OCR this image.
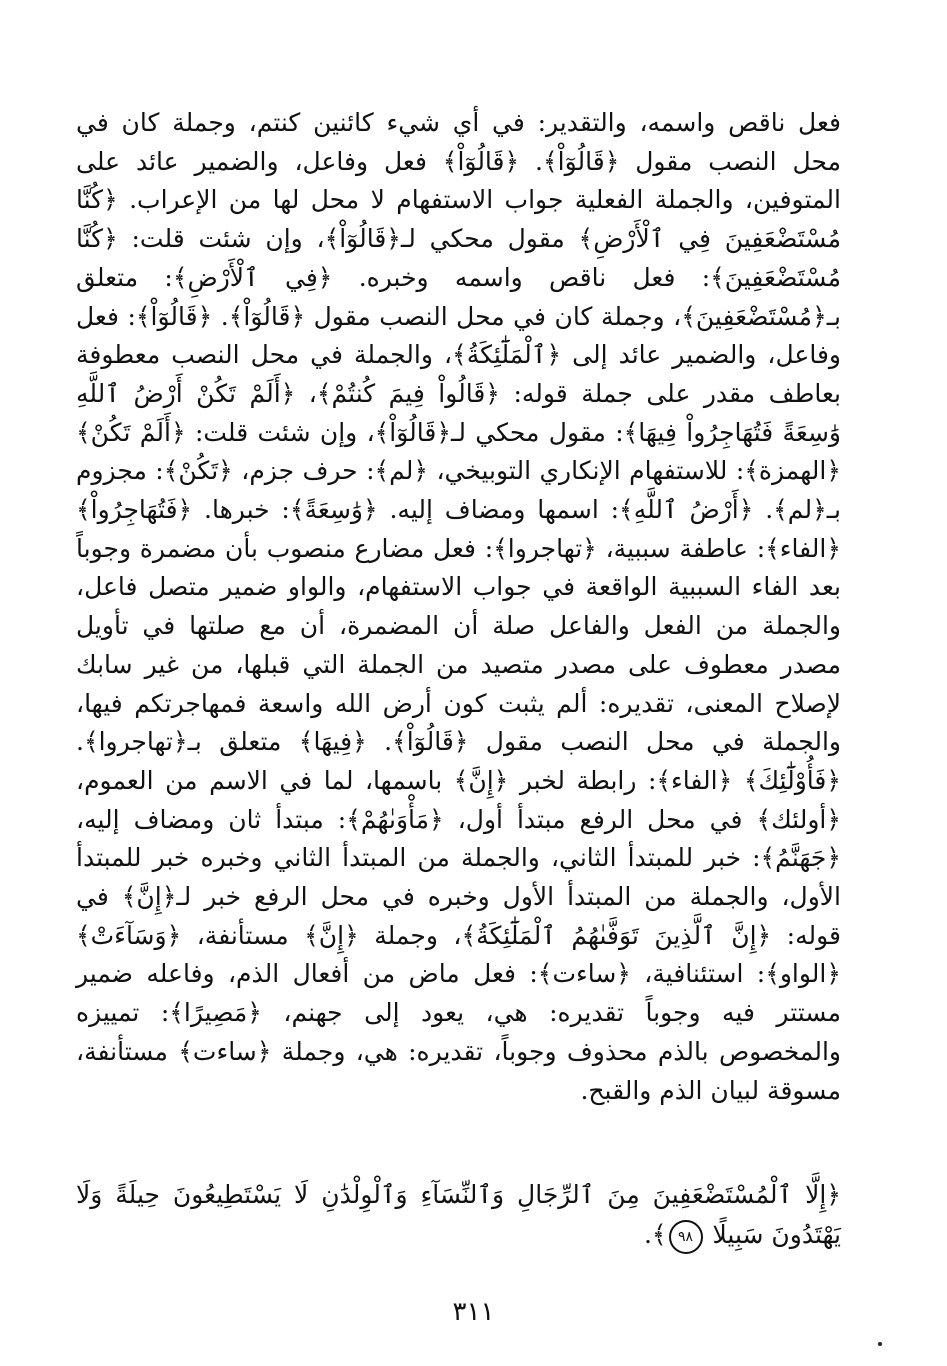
فعل ناقص واسمه، والتقدير: في أي شيء كائنين كنتم، وجملة كان في محل النصب مقول ﴿قَالُوٓاْ﴾. ﴿قَالُوٓاْ﴾ فعل وفاعل، والضمير عائد على المتوفين، والجملة الفعلية جواب الاستفهام لا محل لها من الإعراب. ﴿كُنَّا مُسْتَضْعَفِينَ فِي ٱلْأَرْضِ﴾ مقول محكي لـ﴿قَالُوٓاْ﴾، وإن شئت قلت: ﴿كُنَّا مُسْتَضْعَفِينَ﴾: فعل ناقص واسمه وخبره. ﴿فِي ٱلْأَرْضِ﴾: متعلق بـ﴿مُسْتَضْعَفِينَ﴾، وجملة كان في محل النصب مقول ﴿قَالُوٓاْ﴾. ﴿قَالُوٓاْ﴾: فعل وفاعل، والضمير عائد إلى ﴿ٱلْمَلَٰٓئِكَةُ﴾، والجملة في محل النصب معطوفة بعاطف مقدر على جملة قوله: ﴿قَالُواْ فِيمَ كُنتُمْ﴾، ﴿أَلَمْ تَكُنْ أَرْضُ ٱللَّهِ وَٰسِعَةً فَتُهَاجِرُواْ فِيهَا﴾: مقول محكي لـ﴿قَالُوٓاْ﴾، وإن شئت قلت: ﴿أَلَمْ تَكُنْ﴾ ﴿الهمزة﴾: للاستفهام الإنكاري التوبيخي، ﴿لم﴾: حرف جزم، ﴿تَكُنْ﴾: مجزوم بـ﴿لم﴾. ﴿أَرْضُ ٱللَّهِ﴾: اسمها ومضاف إليه. ﴿وَٰسِعَةً﴾: خبرها. ﴿فَتُهَاجِرُواْ﴾ ﴿الفاء﴾: عاطفة سببية، ﴿تهاجروا﴾: فعل مضارع منصوب بأن مضمرة وجوباً بعد الفاء السببية الواقعة في جواب الاستفهام، والواو ضمير متصل فاعل، والجملة من الفعل والفاعل صلة أن المضمرة، أن مع صلتها في تأويل مصدر معطوف على مصدر متصيد من الجملة التي قبلها، من غير سابك لإصلاح المعنى، تقديره: ألم يثبت كون أرض الله واسعة فمهاجرتكم فيها، والجملة في محل النصب مقول ﴿قَالُوٓاْ﴾. ﴿فِيهَا﴾ متعلق بـ﴿تهاجروا﴾. ﴿فَأُوْلَٰٓئِكَ﴾ ﴿الفاء﴾: رابطة لخبر ﴿إِنَّ﴾ باسمها، لما في الاسم من العموم، ﴿أولئك﴾ في محل الرفع مبتدأ أول، ﴿مَأْوَىٰهُمْ﴾: مبتدأ ثان ومضاف إليه، ﴿جَهَنَّمُ﴾: خبر للمبتدأ الثاني، والجملة من المبتدأ الثاني وخبره خبر للمبتدأ الأول، والجملة من المبتدأ الأول وخبره في محل الرفع خبر لـ﴿إِنَّ﴾ في قوله: ﴿إِنَّ ٱلَّذِينَ تَوَفَّىٰهُمُ ٱلْمَلَٰٓئِكَةُ﴾، وجملة ﴿إِنَّ﴾ مستأنفة، ﴿وَسَآءَتْ﴾ ﴿الواو﴾: استئنافية، ﴿ساءت﴾: فعل ماض من أفعال الذم، وفاعله ضمير مستتر فيه وجوباً تقديره: هي، يعود إلى جهنم، ﴿مَصِيرًا﴾: تمييزه والمخصوص بالذم محذوف وجوباً، تقديره: هي، وجملة ﴿ساءت﴾ مستأنفة، مسوقة لبيان الذم والقبح.

﴿إِلَّا ٱلْمُسْتَضْعَفِينَ مِنَ ٱلرِّجَالِ وَٱلنِّسَآءِ وَٱلْوِلْدَٰنِ لَا يَسْتَطِيعُونَ حِيلَةً وَلَا يَهْتَدُونَ سَبِيلًا ٩٨﴾.
٣١١
